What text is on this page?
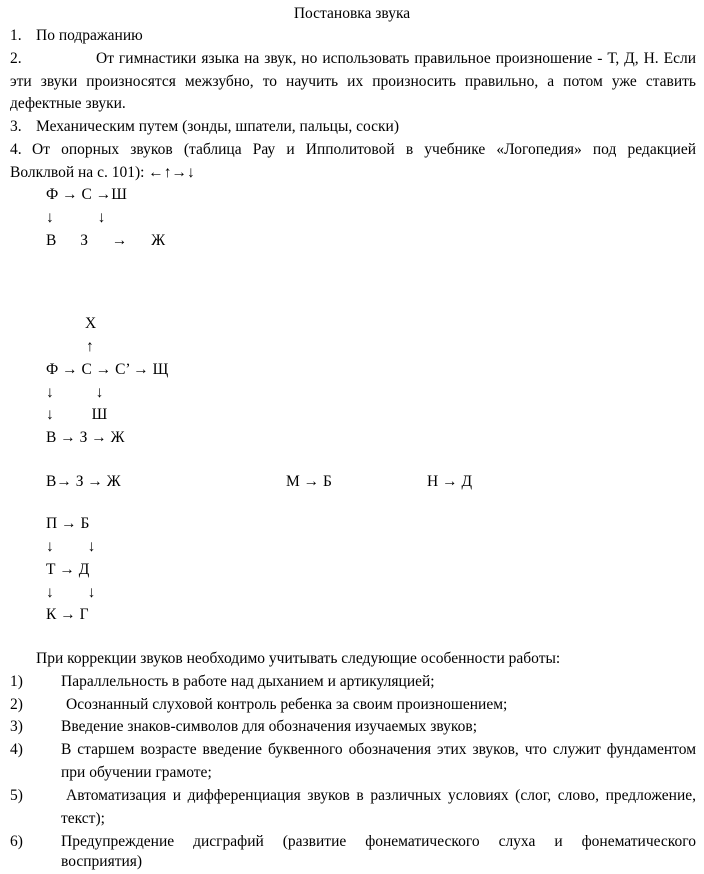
Постановка звука
1. По подражанию
2.	От гимнастики языка на звук, но использовать правильное произношение - Т, Д, Н. Если
эти звуки произносятся межзубно, то научить их произносить правильно, а потом уже ставить
дефектные звуки.
3. Механическим путем (зонды, шпатели, пальцы, соски)
4. От опорных звуков (таблица Рау и Ипполитовой в учебнике «Логопедия» под редакцией
Волклвой на с. 101): ←↑→↓
Ф → С →Ш
↓ ↓
В З → Ж
Х
↑
Ф → С → С’ → Щ
↓ ↓
↓ Ш
В → З → Ж
В→ З → Ж	М → Б	Н → Д
П → Б
↓ ↓
Т → Д
↓ ↓
К → Г
При коррекции звуков необходимо учитывать следующие особенности работы:
1) Параллельность в работе над дыханием и артикуляцией;
2)	Осознанный слуховой контроль ребенка за своим произношением;
3) Введение знаков-символов для обозначения изучаемых звуков;
4) В старшем возрасте введение буквенного обозначения этих звуков, что служит фундаментом
при обучении грамоте;
5)	Автоматизация и дифференциация звуков в различных условиях (слог, слово, предложение,
текст);
6) Предупреждение дисграфий (развитие фонематического слуха и фонематического
восприятия)
